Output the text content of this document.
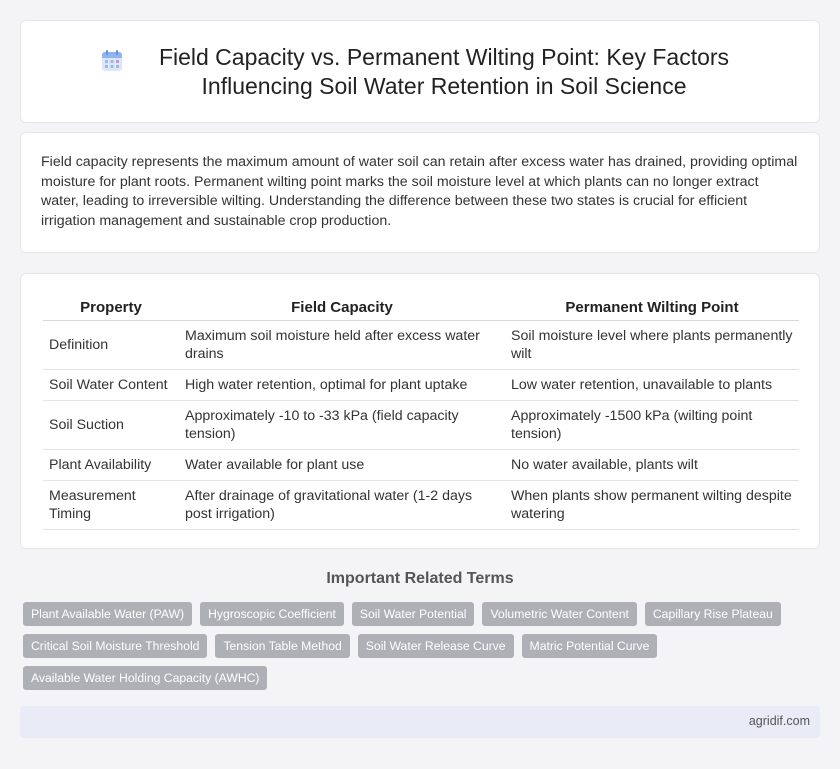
Field Capacity vs. Permanent Wilting Point: Key Factors Influencing Soil Water Retention in Soil Science

Field capacity represents the maximum amount of water soil can retain after excess water has drained, providing optimal moisture for plant roots. Permanent wilting point marks the soil moisture level at which plants can no longer extract water, leading to irreversible wilting. Understanding the difference between these two states is crucial for efficient irrigation management and sustainable crop production.

Property	Field Capacity	Permanent Wilting Point
Definition	Maximum soil moisture held after excess water drains	Soil moisture level where plants permanently wilt
Soil Water Content	High water retention, optimal for plant uptake	Low water retention, unavailable to plants
Soil Suction	Approximately -10 to -33 kPa (field capacity tension)	Approximately -1500 kPa (wilting point tension)
Plant Availability	Water available for plant use	No water available, plants wilt
Measurement Timing	After drainage of gravitational water (1-2 days post irrigation)	When plants show permanent wilting despite watering
Important Related Terms
Plant Available Water (PAW)	Hygroscopic Coefficient	Soil Water Potential	Volumetric Water Content	Capillary Rise Plateau
Critical Soil Moisture Threshold	Tension Table Method	Soil Water Release Curve	Matric Potential Curve
Available Water Holding Capacity (AWHC)
agridif.com
